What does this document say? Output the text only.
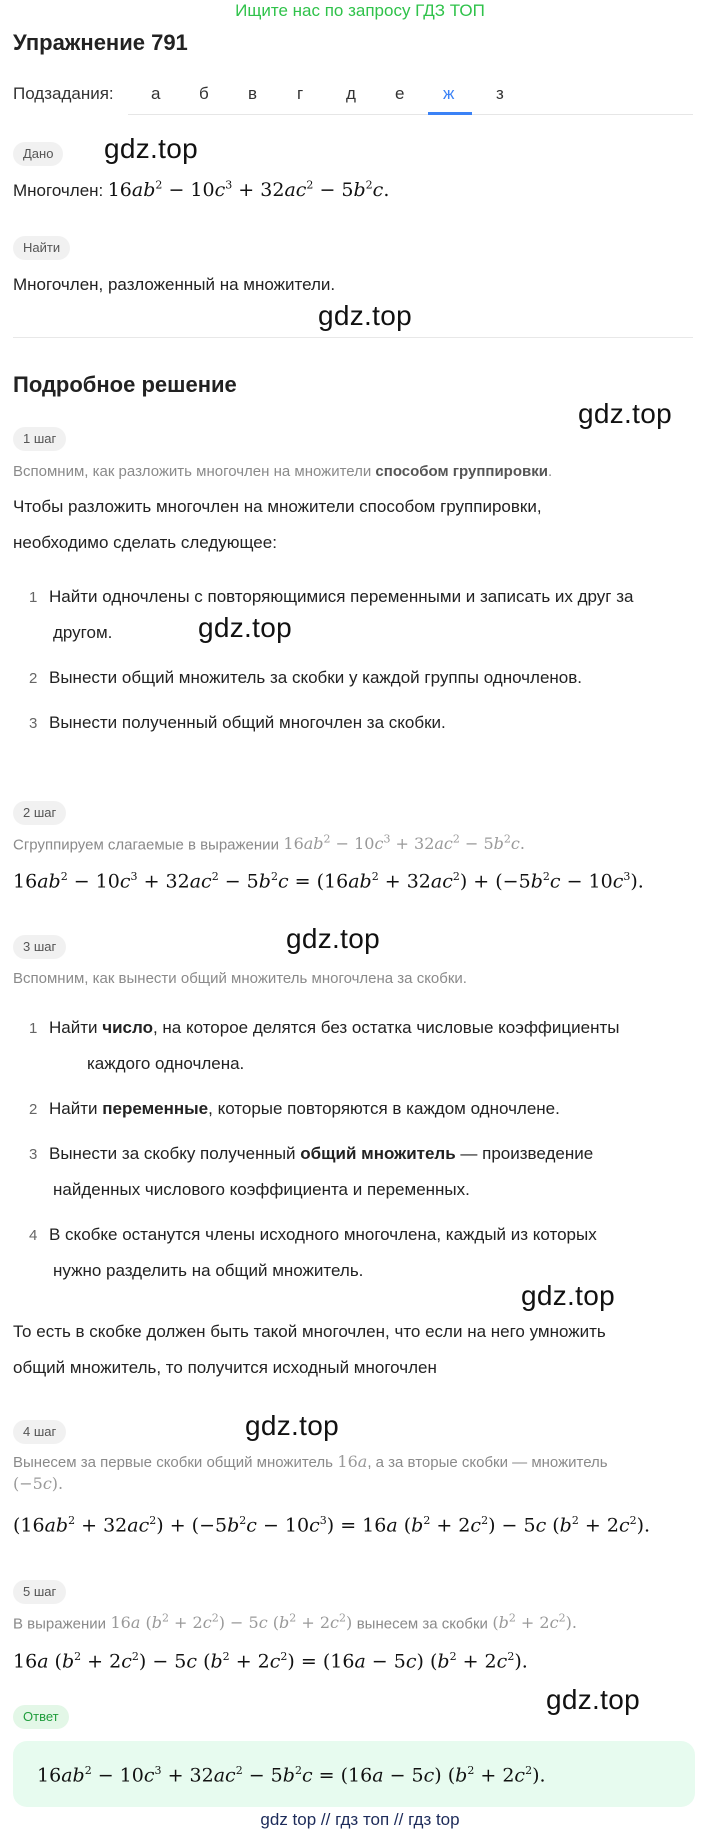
Ищите нас по запросу ГДЗ ТОП
Упражнение 791
Подзадания: а б в г	д е ж з
Дано	gdz.top
Многочлен: $16ab^2 - 10c^3 + 32ac^2 - 5b^2c$.
Найти
Многочлен, разложенный на множители.
gdz.top
Подробное решение
gdz.top
1 шаг
Вспомним, как разложить многочлен на множители способом группировки.
Чтобы разложить многочлен на множители способом группировки,
необходимо сделать следующее:
1 Найти одночлены с повторяющимися переменными и записать их друг за
другом.	gdz.top
2 Вынести общий множитель за скобки у каждой группы одночленов.
3 Вынести полученный общий многочлен за скобки.
2 шаг
Сгруппируем слагаемые в выражении $16ab^2 - 10c^3 + 32ac^2 - 5b^2c$.
$16ab^2 - 10c^3 + 32ac^2 - 5b^2c = (16ab^2 + 32ac^2) + (-5b^2c - 10c^3)$.
3 шаг	gdz.top
Вспомним, как вынести общий множитель многочлена за скобки.
1 Найти число, на которое делятся без остатка числовые коэффициенты
каждого одночлена.
2 Найти переменные, которые повторяются в каждом одночлене.
3 Вынести за скобку полученный общий множитель — произведение
найденных числового коэффициента и переменных.
4 В скобке останутся члены исходного многочлена, каждый из которых
нужно разделить на общий множитель.
gdz.top
То есть в скобке должен быть такой многочлен, что если на него умножить
общий множитель, то получится исходный многочлен
4 шаг	gdz.top
Вынесем за первые скобки общий множитель 16a, а за вторые скобки — множитель
(−5c).
$(16ab^2 + 32ac^2) + (-5b^2c - 10c^3) = 16a$ $(b^2 + 2c^2) - 5c$ $(b^2 + 2c^2)$.
5 шаг
В выражении 16a $(b^2 + 2c^2) - 5c$ $(b^2 + 2c^2)$ вынесем за скобки $(b^2 + 2c^2)$.
16a $(b^2 + 2c^2) - 5c$ $(b^2 + 2c^2) = (16a - 5c) (b^2 + 2c^2)$.
gdz.top
Ответ
$16ab^2 - 10c^3 + 32ac^2 - 5b^2c = (16a - 5c) (b^2 + 2c^2)$.
gdz top // гдз топ // гдз top
